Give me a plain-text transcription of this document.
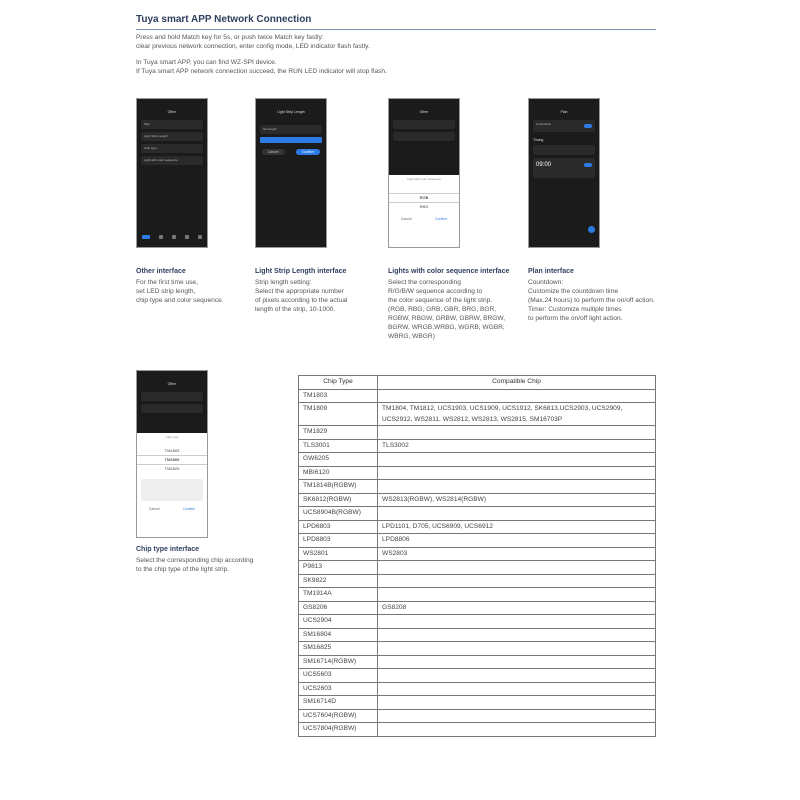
Tuya smart APP Network Connection

Press and hold Match key for 5s, or push twice Match key fastly:

clear previous network connection, enter config mode, LED indicator flash fastly.

In Tuya smart APP, you can find WZ-SPI device.

If Tuya smart APP network connection succeed, the RUN LED indicator will stop flash.

Other
Play
Light Strip Length
Chip type
Light with color sequence
Light Strip Length
Set length
Cancel	Confirm
Other
Light with color sequence
RGB
RBG
Cancel	Confirm
Plan
Countdown
Timing
09:00
Other interface

For the first time use,

set LED strip length,

chip type and color sequence.

Light Strip Length interface

Strip length setting:

Select the appropriate number

of pixels according to the actual

length of the strip, 10-1000.

Lights with color sequence interface

Select the corresponding

R/G/B/W sequence according to

the color sequence of the light strip.

(RGB, RBG, GRB, GBR, BRG, BGR,

RGBW, RBGW, GRBW, GBRW, BRGW,

BGRW, WRGB,WRBG, WGRB, WGBR,

WBRG, WBGR)

Plan interface

Countdown:

Customize the countdown time

(Max.24 hours) to perform the on/off action.

Timer: Customize multiple times

to perform the on/off light action.

Other
Chip type
TM1803
TM1809
TM1829
Cancel	Confirm
Chip type interface

Select the corresponding chip according

to the chip type of the light strip.

Chip Type	Compatible Chip
TM1803	
TM1809	TM1804, TM1812, UCS1903, UCS1909, UCS1912, SK6813,UCS2903, UCS2909, UCS2912, WS2811, WS2812, WS2813, WS2815, SM16703P
TM1829	
TLS3001	TLS3002
GW6205	
MBI6120	
TM1814B(RGBW)	
SK6812(RGBW)	WS2813(RGBW), WS2814(RGBW)
UCS8904B(RGBW)	
LPD6803	LPD1101, D705, UCS6909, UCS6912
LPD8803	LPD8806
WS2801	WS2803
P9813	
SK9822	
TM1914A	
GS8206	GS8208
UCS2904	
SM16804	
SM16825	
SM16714(RGBW)	
UCS5603	
UCS2603	
SM16714D	
UCS7604(RGBW)	
UCS7804(RGBW)	
